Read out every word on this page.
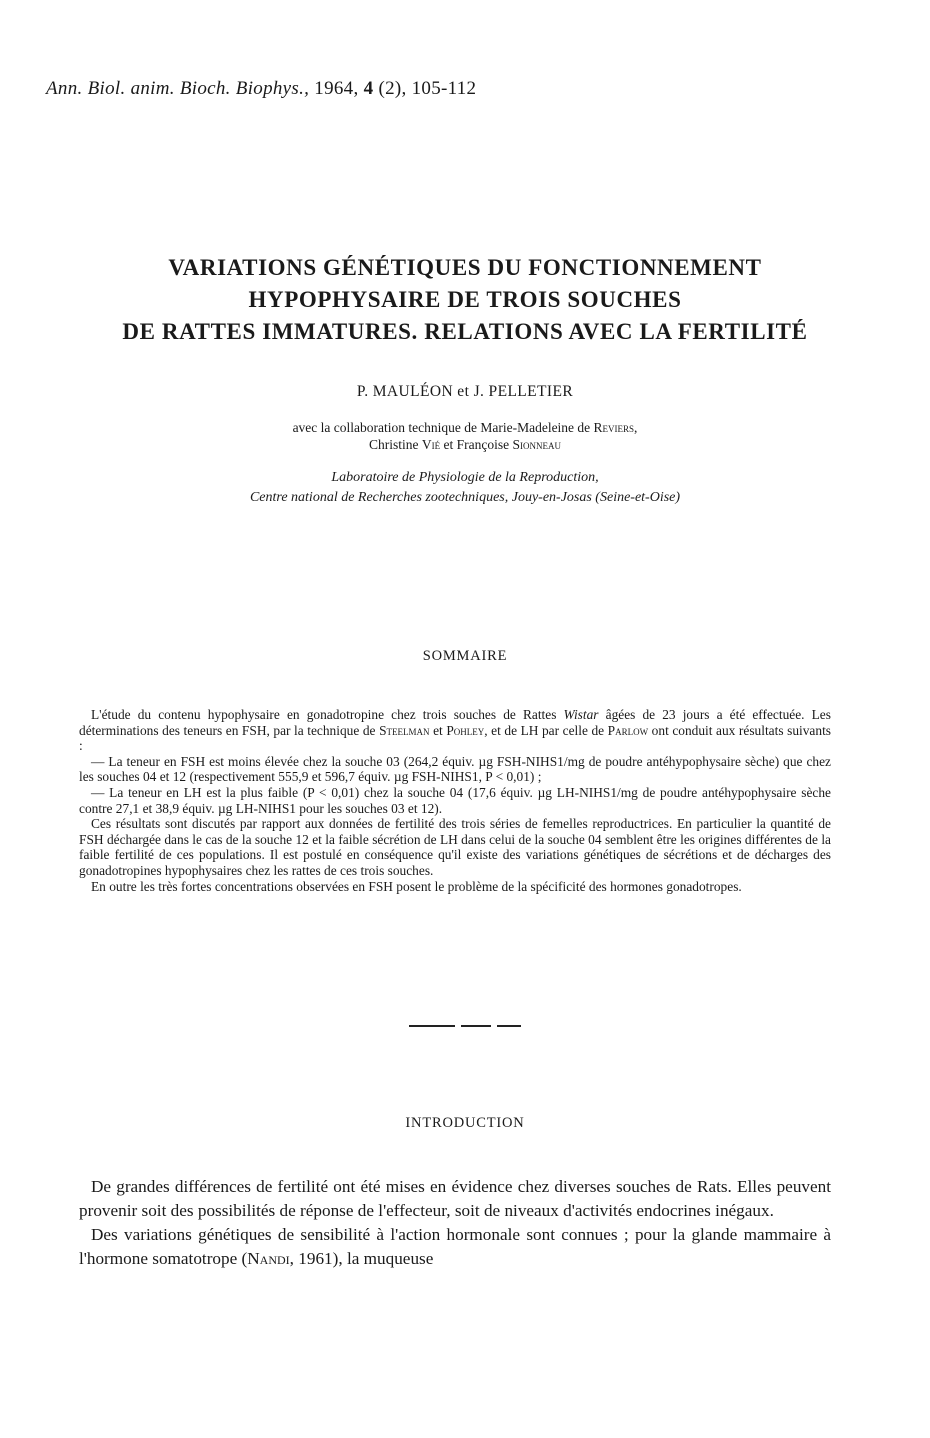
Ann. Biol. anim. Bioch. Biophys., 1964, 4 (2), 105-112
VARIATIONS GÉNÉTIQUES DU FONCTIONNEMENT
HYPOPHYSAIRE DE TROIS SOUCHES
DE RATTES IMMATURES. RELATIONS AVEC LA FERTILITÉ
P. MAULÉON et J. PELLETIER
avec la collaboration technique de Marie-Madeleine de Reviers,
Christine Vié et Françoise Sionneau
Laboratoire de Physiologie de la Reproduction,
Centre national de Recherches zootechniques, Jouy-en-Josas (Seine-et-Oise)
SOMMAIRE

L'étude du contenu hypophysaire en gonadotropine chez trois souches de Rattes Wistar âgées de 23 jours a été effectuée. Les déterminations des teneurs en FSH, par la technique de Steelman et Pohley, et de LH par celle de Parlow ont conduit aux résultats suivants :

— La teneur en FSH est moins élevée chez la souche 03 (264,2 équiv. µg FSH-NIHS1/mg de poudre antéhypophysaire sèche) que chez les souches 04 et 12 (respectivement 555,9 et 596,7 équiv. µg FSH-NIHS1, P < 0,01) ;

— La teneur en LH est la plus faible (P < 0,01) chez la souche 04 (17,6 équiv. µg LH-NIHS1/mg de poudre antéhypophysaire sèche contre 27,1 et 38,9 équiv. µg LH-NIHS1 pour les souches 03 et 12).

Ces résultats sont discutés par rapport aux données de fertilité des trois séries de femelles reproductrices. En particulier la quantité de FSH déchargée dans le cas de la souche 12 et la faible sécrétion de LH dans celui de la souche 04 semblent être les origines différentes de la faible fertilité de ces populations. Il est postulé en conséquence qu'il existe des variations génétiques de sécrétions et de décharges des gonadotropines hypophysaires chez les rattes de ces trois souches.

En outre les très fortes concentrations observées en FSH posent le problème de la spécificité des hormones gonadotropes.

INTRODUCTION

De grandes différences de fertilité ont été mises en évidence chez diverses souches de Rats. Elles peuvent provenir soit des possibilités de réponse de l'effecteur, soit de niveaux d'activités endocrines inégaux.

Des variations génétiques de sensibilité à l'action hormonale sont connues ; pour la glande mammaire à l'hormone somatotrope (Nandi, 1961), la muqueuse
